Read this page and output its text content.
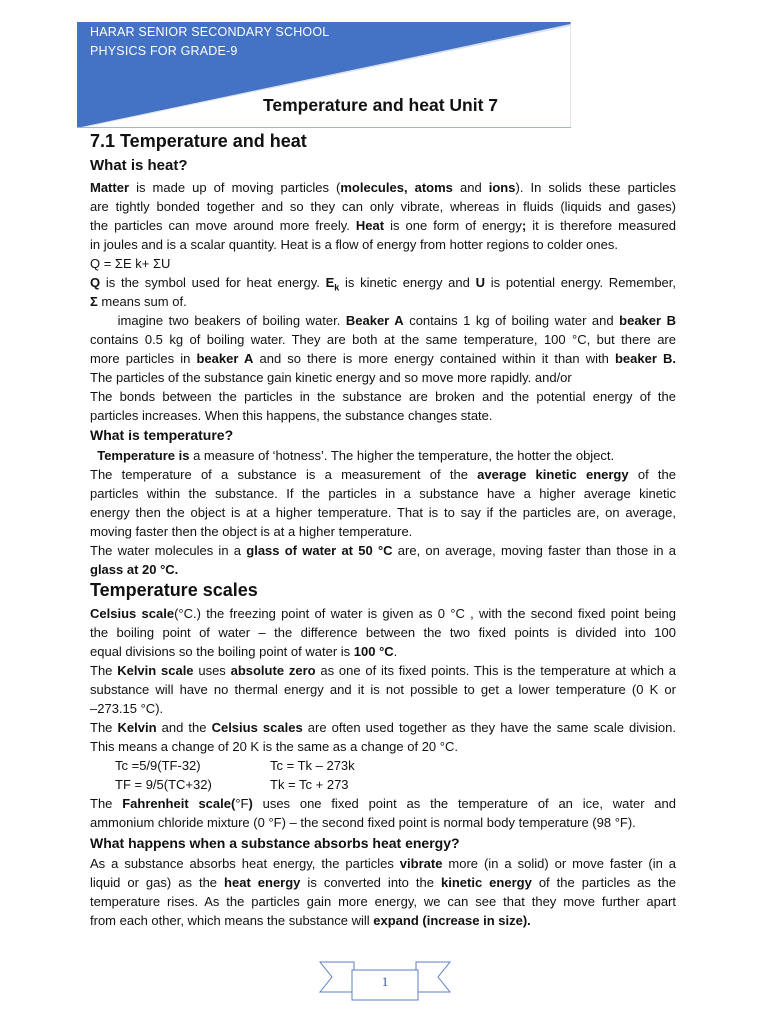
HARAR SENIOR SECONDARY SCHOOL
PHYSICS FOR GRADE-9
Temperature and heat Unit 7
7.1 Temperature and heat
What is heat?
Matter is made up of moving particles (molecules, atoms and ions). In solids these particles
are tightly bonded together and so they can only vibrate, whereas in fluids (liquids and gases)
the particles can move around more freely. Heat is one form of energy; it is therefore measured
in joules and is a scalar quantity. Heat is a flow of energy from hotter regions to colder ones.
Q = ΣE k+ ΣU
Q is the symbol used for heat energy. $E_k$ is kinetic energy and U is potential energy. Remember,
Σ means sum of.
imagine two beakers of boiling water. Beaker A contains 1 kg of boiling water and beaker B
contains 0.5 kg of boiling water. They are both at the same temperature, 100 °C, but there are
more particles in beaker A and so there is more energy contained within it than with beaker B.
The particles of the substance gain kinetic energy and so move more rapidly. and/or
The bonds between the particles in the substance are broken and the potential energy of the
particles increases. When this happens, the substance changes state.
What is temperature?
Temperature is a measure of ‘hotness’. The higher the temperature, the hotter the object.
The temperature of a substance is a measurement of the average kinetic energy of the
particles within the substance. If the particles in a substance have a higher average kinetic
energy then the object is at a higher temperature. That is to say if the particles are, on average,
moving faster then the object is at a higher temperature.
The water molecules in a glass of water at 50 °C are, on average, moving faster than those in a
glass at 20 °C.
Temperature scales
Celsius scale(°C.) the freezing point of water is given as 0 °C , with the second fixed point being
the boiling point of water – the difference between the two fixed points is divided into 100
equal divisions so the boiling point of water is 100 °C.
The Kelvin scale uses absolute zero as one of its fixed points. This is the temperature at which a
substance will have no thermal energy and it is not possible to get a lower temperature (0 K or
–273.15 °C).
The Kelvin and the Celsius scales are often used together as they have the same scale division.
This means a change of 20 K is the same as a change of 20 °C.
Tc =5/9(TF-32)	Tc = Tk – 273k
TF = 9/5(TC+32)	Tk = Tc + 273
The Fahrenheit scale(°F) uses one fixed point as the temperature of an ice, water and
ammonium chloride mixture (0 °F) – the second fixed point is normal body temperature (98 °F).
What happens when a substance absorbs heat energy?
As a substance absorbs heat energy, the particles vibrate more (in a solid) or move faster (in a
liquid or gas) as the heat energy is converted into the kinetic energy of the particles as the
temperature rises. As the particles gain more energy, we can see that they move further apart
from each other, which means the substance will expand (increase in size).
1
